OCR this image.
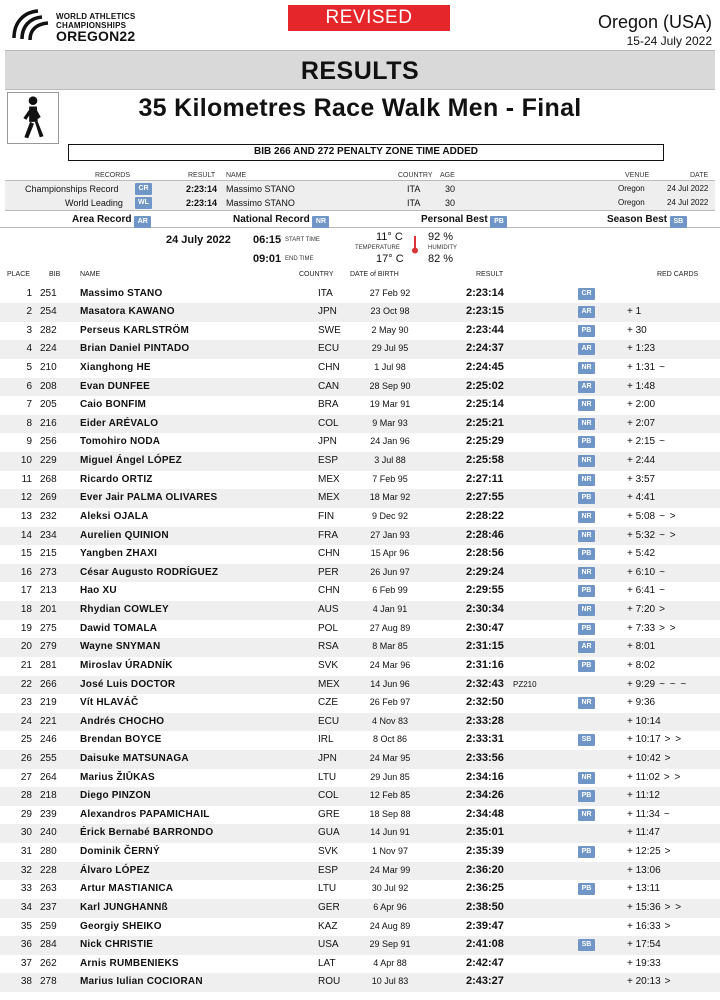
WORLD ATHLETICS
CHAMPIONSHIPS
OREGON22
REVISED	Oregon (USA)
15-24 July 2022
RESULTS
35 Kilometres Race Walk Men - Final
BIB 266 AND 272 PENALTY ZONE TIME ADDED
RECORDS	RESULT NAME	COUNTRY AGE	VENUE	DATE
Championships Record	CR	2:23:14 Massimo STANO	ITA	30	Oregon	24 Jul 2022
World Leading	WL	2:23:14 Massimo STANO	ITA	30	Oregon	24 Jul 2022
Area Record AR	National Record NR	Personal Best PB	Season Best SB
24 July 2022 06:15 START TIME
09:01 END TIME
11° C
TEMPERATURE
17° C
92 %
HUMIDITY
82 %
PLACE	BIB	NAME	COUNTRY DATE of BIRTH	RESULT	RED CARDS
1 251 Massimo STANO	ITA	27 Feb 92	2:23:14	CR
2 254 Masatora KAWANO	JPN	23 Oct 98	2:23:15	AR	+ 1
3 282 Perseus KARLSTRÖM	SWE	2 May 90	2:23:44	PB	+ 30
4 224 Brian Daniel PINTADO	ECU	29 Jul 95	2:24:37	AR	+ 1:23
5 210 Xianghong HE	CHN	1 Jul 98	2:24:45	NR	+ 1:31 ~
6 208 Evan DUNFEE	CAN	28 Sep 90	2:25:02	AR	+ 1:48
7 205 Caio BONFIM	BRA	19 Mar 91	2:25:14	NR	+ 2:00
8 216 Eider ARÉVALO	COL	9 Mar 93	2:25:21	NR	+ 2:07
9 256 Tomohiro NODA	JPN	24 Jan 96	2:25:29	PB	+ 2:15 ~
10 229 Miguel Ángel LÓPEZ	ESP	3 Jul 88	2:25:58	NR	+ 2:44
11 268 Ricardo ORTIZ	MEX	7 Feb 95	2:27:11	NR	+ 3:57
12 269 Ever Jair PALMA OLIVARES	MEX	18 Mar 92	2:27:55	PB	+ 4:41
13 232 Aleksi OJALA	FIN	9 Dec 92	2:28:22	NR	+ 5:08 ~ >
14 234 Aurelien QUINION	FRA	27 Jan 93	2:28:46	NR	+ 5:32 ~ >
15 215 Yangben ZHAXI	CHN	15 Apr 96	2:28:56	PB	+ 5:42
16 273 César Augusto RODRÍGUEZ	PER	26 Jun 97	2:29:24	NR	+ 6:10 ~
17 213 Hao XU	CHN	6 Feb 99	2:29:55	PB	+ 6:41 ~
18 201 Rhydian COWLEY	AUS	4 Jan 91	2:30:34	NR	+ 7:20 >
19 275 Dawid TOMALA	POL	27 Aug 89	2:30:47	PB	+ 7:33 > >
20 279 Wayne SNYMAN	RSA	8 Mar 85	2:31:15	AR	+ 8:01
21 281 Miroslav ÚRADNÍK	SVK	24 Mar 96	2:31:16	PB	+ 8:02
22 266 José Luis DOCTOR	MEX	14 Jun 96	2:32:43 PZ210	+ 9:29 ~ ~ ~
23 219 Vít HLAVÁČ	CZE	26 Feb 97	2:32:50	NR	+ 9:36
24 221 Andrés CHOCHO	ECU	4 Nov 83	2:33:28	+ 10:14
25 246 Brendan BOYCE	IRL	8 Oct 86	2:33:31	SB	+ 10:17 > >
26 255 Daisuke MATSUNAGA	JPN	24 Mar 95	2:33:56	+ 10:42 >
27 264 Marius ŽIŪKAS	LTU	29 Jun 85	2:34:16	NR	+ 11:02 > >
28 218 Diego PINZON	COL	12 Feb 85	2:34:26	PB	+ 11:12
29 239 Alexandros PAPAMICHAIL	GRE	18 Sep 88	2:34:48	NR	+ 11:34 ~
30 240 Érick Bernabé BARRONDO	GUA	14 Jun 91	2:35:01	+ 11:47
31 280 Dominik ČERNÝ	SVK	1 Nov 97	2:35:39	PB	+ 12:25 >
32 228 Álvaro LÓPEZ	ESP	24 Mar 99	2:36:20	+ 13:06
33 263 Artur MASTIANICA	LTU	30 Jul 92	2:36:25	PB	+ 13:11
34 237 Karl JUNGHANNß	GER	6 Apr 96	2:38:50	+ 15:36 > >
35 259 Georgiy SHEIKO	KAZ	24 Aug 89	2:39:47	+ 16:33 >
36 284 Nick CHRISTIE	USA	29 Sep 91	2:41:08	SB	+ 17:54
37 262 Arnis RUMBENIEKS	LAT	4 Apr 88	2:42:47	+ 19:33
38 278 Marius Iulian COCIORAN	ROU	10 Jul 83	2:43:27	+ 20:13 >
